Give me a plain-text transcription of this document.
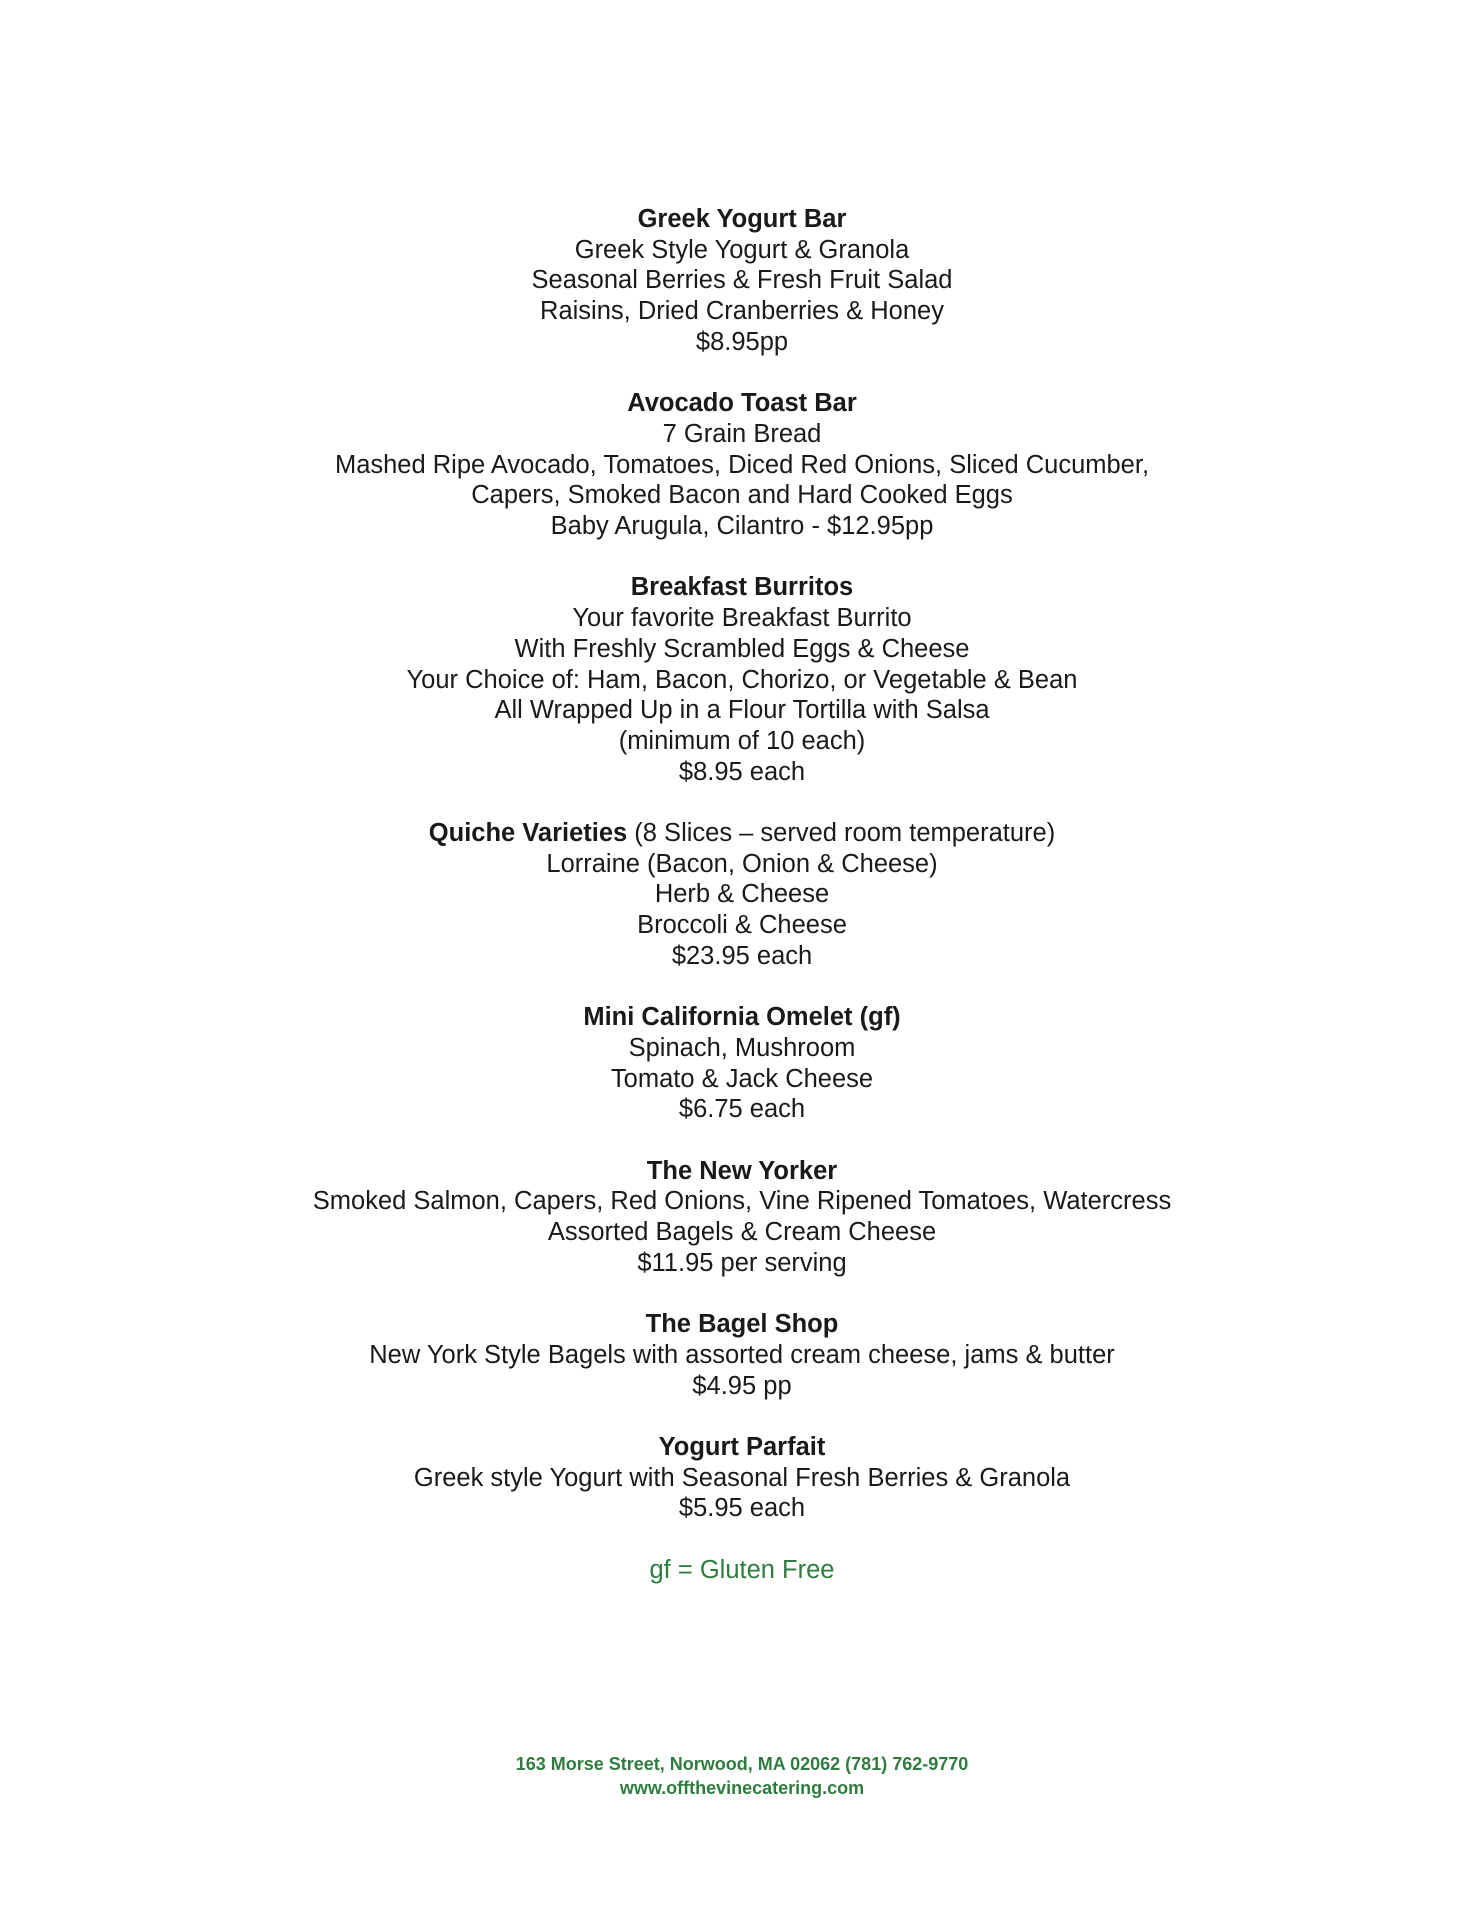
Greek Yogurt Bar
Greek Style Yogurt & Granola
Seasonal Berries & Fresh Fruit Salad
Raisins, Dried Cranberries & Honey
$8.95pp
Avocado Toast Bar
7 Grain Bread
Mashed Ripe Avocado, Tomatoes, Diced Red Onions, Sliced Cucumber,
Capers, Smoked Bacon and Hard Cooked Eggs
Baby Arugula, Cilantro - $12.95pp
Breakfast Burritos
Your favorite Breakfast Burrito
With Freshly Scrambled Eggs & Cheese
Your Choice of: Ham, Bacon, Chorizo, or Vegetable & Bean
All Wrapped Up in a Flour Tortilla with Salsa
(minimum of 10 each)
$8.95 each
Quiche Varieties (8 Slices – served room temperature)
Lorraine (Bacon, Onion & Cheese)
Herb & Cheese
Broccoli & Cheese
$23.95 each
Mini California Omelet (gf)
Spinach, Mushroom
Tomato & Jack Cheese
$6.75 each
The New Yorker
Smoked Salmon, Capers, Red Onions, Vine Ripened Tomatoes, Watercress
Assorted Bagels & Cream Cheese
$11.95 per serving
The Bagel Shop
New York Style Bagels with assorted cream cheese, jams & butter
$4.95 pp
Yogurt Parfait
Greek style Yogurt with Seasonal Fresh Berries & Granola
$5.95 each
gf = Gluten Free
163 Morse Street, Norwood, MA 02062 (781) 762-9770
www.offthevinecatering.com
